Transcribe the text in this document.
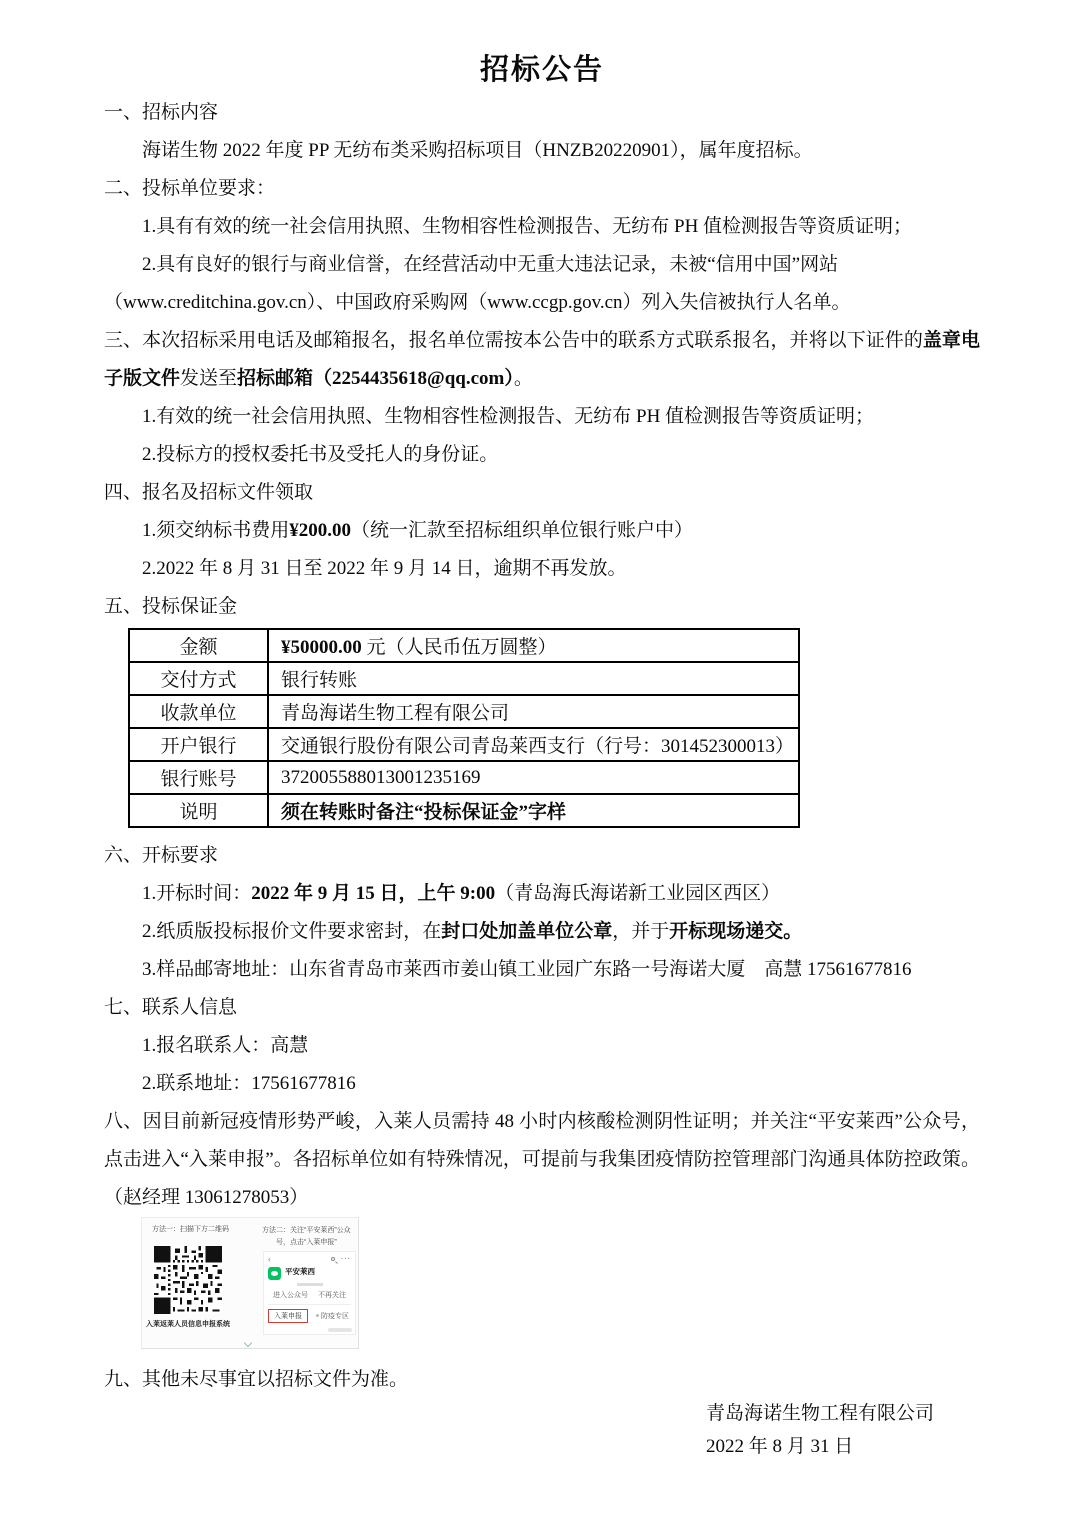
招标公告

一、招标内容

海诺生物 2022 年度 PP 无纺布类采购招标项目（HNZB20220901），属年度招标。

二、投标单位要求：

1.具有有效的统一社会信用执照、生物相容性检测报告、无纺布 PH 值检测报告等资质证明；

2.具有良好的银行与商业信誉，在经营活动中无重大违法记录，未被“信用中国”网站

（www.creditchina.gov.cn）、中国政府采购网（www.ccgp.gov.cn）列入失信被执行人名单。

三、本次招标采用电话及邮箱报名，报名单位需按本公告中的联系方式联系报名，并将以下证件的盖章电

子版文件发送至招标邮箱（2254435618@qq.com）。

1.有效的统一社会信用执照、生物相容性检测报告、无纺布 PH 值检测报告等资质证明；

2.投标方的授权委托书及受托人的身份证。

四、报名及招标文件领取

1.须交纳标书费用¥200.00（统一汇款至招标组织单位银行账户中）

2.2022 年 8 月 31 日至 2022 年 9 月 14 日，逾期不再发放。

五、投标保证金

金额	¥50000.00 元（人民币伍万圆整）
交付方式	银行转账
收款单位	青岛海诺生物工程有限公司
开户银行	交通银行股份有限公司青岛莱西支行（行号：301452300013）
银行账号	372005588013001235169
说明	须在转账时备注“投标保证金”字样

六、开标要求

1.开标时间：2022 年 9 月 15 日，上午 9:00（青岛海氏海诺新工业园区西区）

2.纸质版投标报价文件要求密封，在封口处加盖单位公章，并于开标现场递交。

3.样品邮寄地址：山东省青岛市莱西市姜山镇工业园广东路一号海诺大厦　高慧 17561677816

七、联系人信息

1.报名联系人：高慧

2.联系地址：17561677816

八、因目前新冠疫情形势严峻，入莱人员需持 48 小时内核酸检测阴性证明；并关注“平安莱西”公众号，

点击进入“入莱申报”。各招标单位如有特殊情况，可提前与我集团疫情防控管理部门沟通具体防控政策。

（赵经理 13061278053）

方法一：扫描下方二维码
入莱返莱人员信息申报系统
方法二：关注“平安莱西”公众
号，点击“入莱申报”
‹	···
平安莱西
进入公众号 不再关注
入莱申报	防疫专区

九、其他未尽事宜以招标文件为准。

青岛海诺生物工程有限公司

2022 年 8 月 31 日
